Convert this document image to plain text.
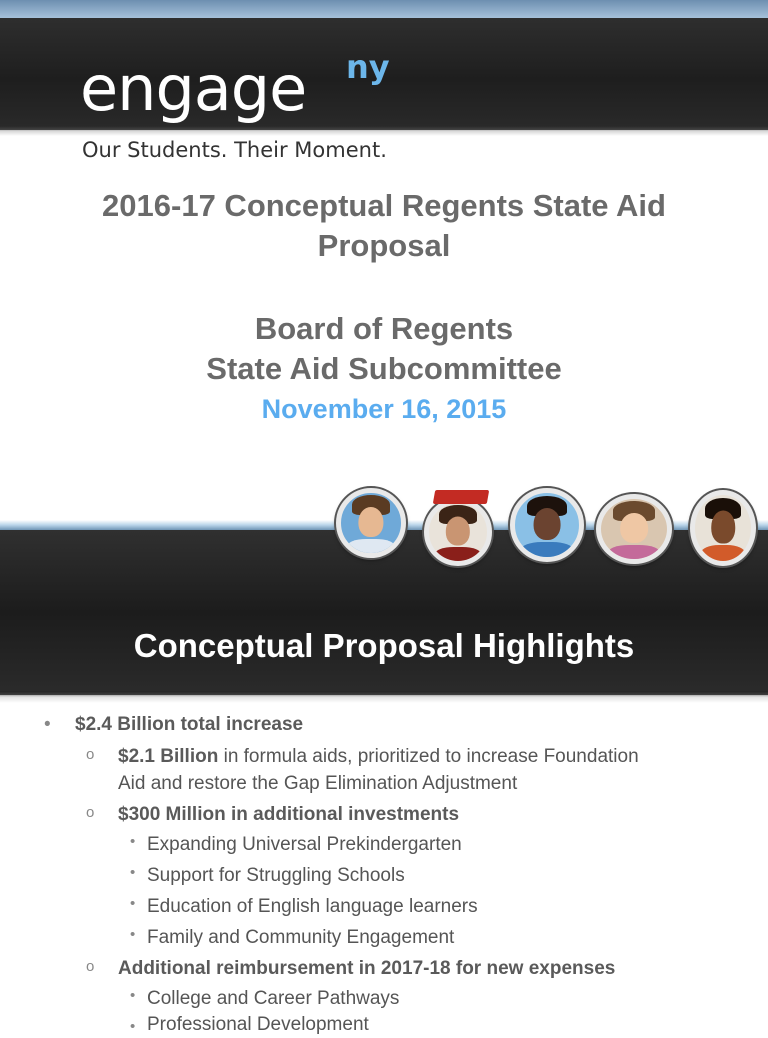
engage ny
Our Students. Their Moment.
2016-17 Conceptual Regents State Aid
Proposal
Board of Regents
State Aid Subcommittee
November 16, 2015
Conceptual Proposal Highlights
• $2.4 Billion total increase
o $2.1 Billion in formula aids, prioritized to increase Foundation
Aid and restore the Gap Elimination Adjustment
o $300 Million in additional investments
• Expanding Universal Prekindergarten
• Support for Struggling Schools
• Education of English language learners
• Family and Community Engagement
o Additional reimbursement in 2017-18 for new expenses
• College and Career Pathways
• Professional Development
